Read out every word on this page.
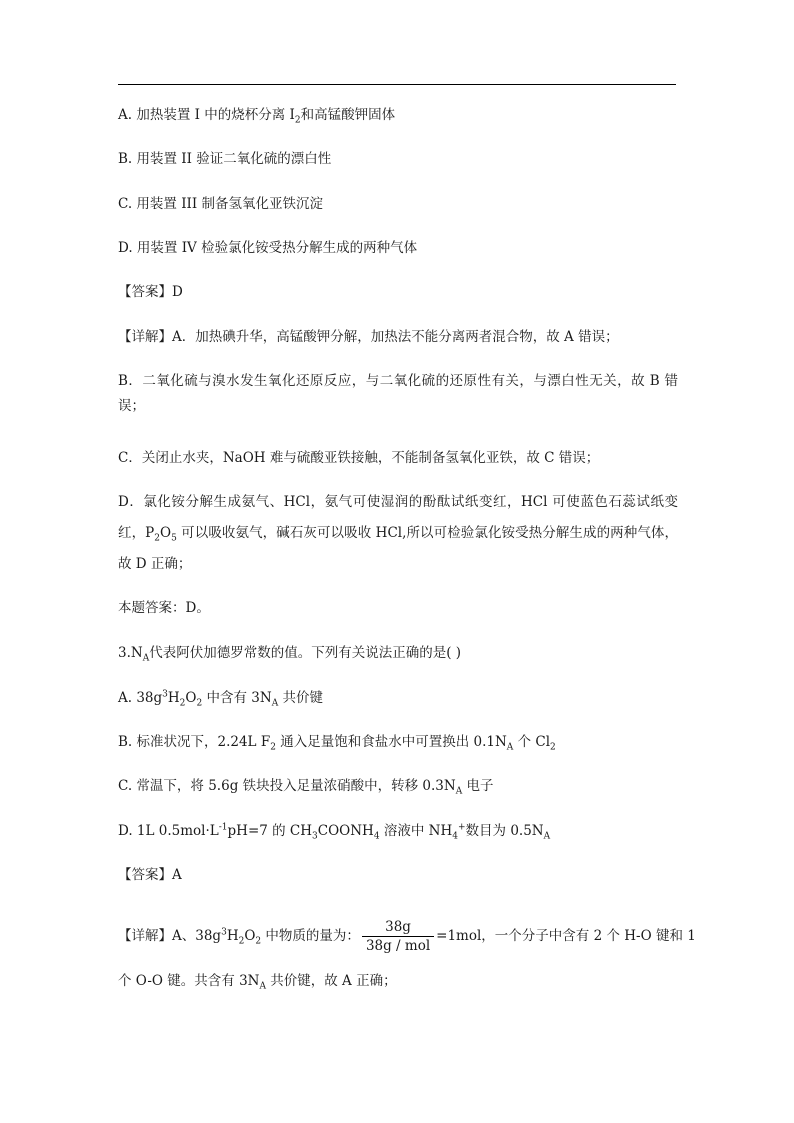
A. 加热装置 I 中的烧杯分离 $I_2$和高锰酸钾固体
B. 用装置 II 验证二氧化硫的漂白性
C. 用装置 III 制备氢氧化亚铁沉淀
D. 用装置 IV 检验氯化铵受热分解生成的两种气体
【答案】D
【详解】A．加热碘升华，高锰酸钾分解，加热法不能分离两者混合物，故 A 错误；
B．二氧化硫与溴水发生氧化还原反应，与二氧化硫的还原性有关，与漂白性无关，故 B 错
误；
C．关闭止水夹，NaOH 难与硫酸亚铁接触，不能制备氢氧化亚铁，故 C 错误；
D．氯化铵分解生成氨气、HCl，氨气可使湿润的酚酞试纸变红，HCl 可使蓝色石蕊试纸变
红，$P_2O_5$ 可以吸收氨气，碱石灰可以吸收 HCl,所以可检验氯化铵受热分解生成的两种气体，
故 D 正确；
本题答案：D。
$3.N_A$代表阿伏加德罗常数的值。下列有关说法正确的是( )
A. $38g^3H_2O_2$ 中含有 $3N_A$ 共价键
B. 标准状况下，2.24L $F_2$ 通入足量饱和食盐水中可置换出 $0.1N_A$ 个 $Cl_2$
C. 常温下，将 5.6g 铁块投入足量浓硝酸中，转移 $0.3N_A$ 电子
D. 1L $0.5mol\cdot L^{-1}pH=7$ 的 $CH_3COONH_4$ 溶液中 $NH_4^+$数目为 $0.5N_A$
【答案】A
【详解】A、$38g^3H_2O_2$ 中物质的量为： $\frac{38g}{\text{38g / mol}} =1mol$，一个分子中含有 2 个 H-O 键和 1
个 O-O 键。共含有 $3N_A$ 共价键，故 A 正确；
